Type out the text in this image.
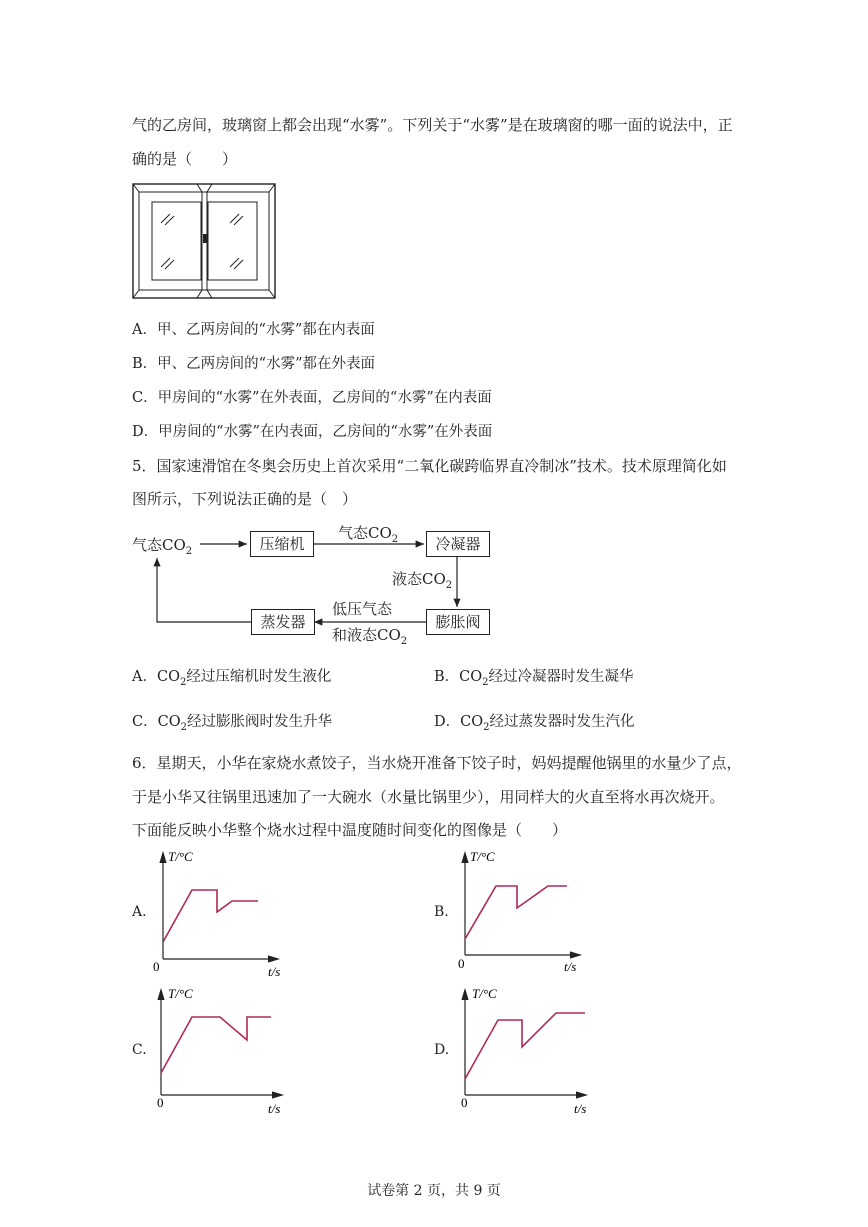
气的乙房间，玻璃窗上都会出现“水雾”。下列关于“水雾”是在玻璃窗的哪一面的说法中，正
确的是（　　）
A．甲、乙两房间的“水雾”都在内表面
B．甲、乙两房间的“水雾”都在外表面
C．甲房间的“水雾”在外表面，乙房间的“水雾”在内表面
D．甲房间的“水雾”在内表面，乙房间的“水雾”在外表面
5．国家速滑馆在冬奥会历史上首次采用“二氧化碳跨临界直冷制冰”技术。技术原理简化如
图所示，下列说法正确的是（　）
气态$CO_2$	压缩机
气态$CO_2$	冷凝器
液态$CO_2$
膨胀阀
低压气态
和液态$CO_2$
蒸发器
A．$CO_2$经过压缩机时发生液化	B．$CO_2$经过冷凝器时发生凝华
C．$CO_2$经过膨胀阀时发生升华	D．$CO_2$经过蒸发器时发生汽化
6．星期天，小华在家烧水煮饺子，当水烧开准备下饺子时，妈妈提醒他锅里的水量少了点，
于是小华又往锅里迅速加了一大碗水（水量比锅里少），用同样大的火直至将水再次烧开。
下面能反映小华整个烧水过程中温度随时间变化的图像是（　　）
A.
T/°C
0	t/s
B.
T/°C
0	t/s
C.
T/°C
0	t/s
D.
T/°C
0	t/s
试卷第 2 页，共 9 页
